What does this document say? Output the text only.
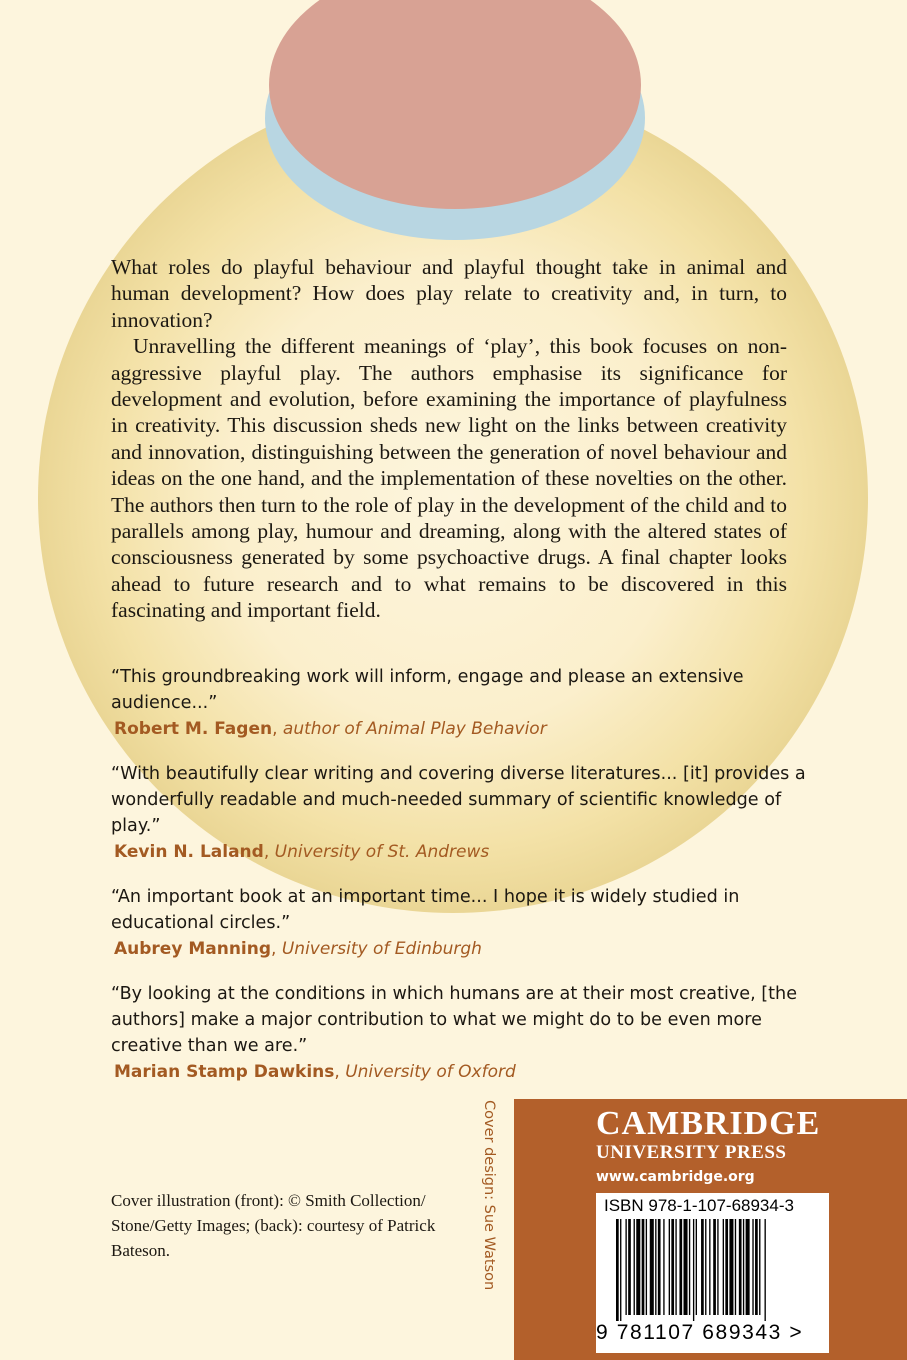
What roles do playful behaviour and playful thought take in animal and human development? How does play relate to creativity and, in turn, to innovation?

Unravelling the different meanings of ‘play’, this book focuses on non-aggressive playful play. The authors emphasise its significance for development and evolution, before examining the importance of playfulness in creativity. This discussion sheds new light on the links between creativity and innovation, distinguishing between the generation of novel behaviour and ideas on the one hand, and the implementation of these novelties on the other. The authors then turn to the role of play in the development of the child and to parallels among play, humour and dreaming, along with the altered states of consciousness generated by some psychoactive drugs. A final chapter looks ahead to future research and to what remains to be discovered in this fascinating and important field.

“This groundbreaking work will inform, engage and please an extensive audience...”

Robert M. Fagen, author of Animal Play Behavior

“With beautifully clear writing and covering diverse literatures... [it] provides a wonderfully readable and much-needed summary of scientific knowledge of play.”

Kevin N. Laland, University of St. Andrews

“An important book at an important time... I hope it is widely studied in educational circles.”

Aubrey Manning, University of Edinburgh

“By looking at the conditions in which humans are at their most creative, [the authors] make a major contribution to what we might do to be even more creative than we are.”

Marian Stamp Dawkins, University of Oxford

Cover illustration (front): © Smith Collection/ Stone/Getty Images; (back): courtesy of Patrick Bateson.	Cover design: Sue Watson	CAMBRIDGE
UNIVERSITY PRESS
www.cambridge.org
ISBN 978-1-107-68934-3
9 781107 689343 >
